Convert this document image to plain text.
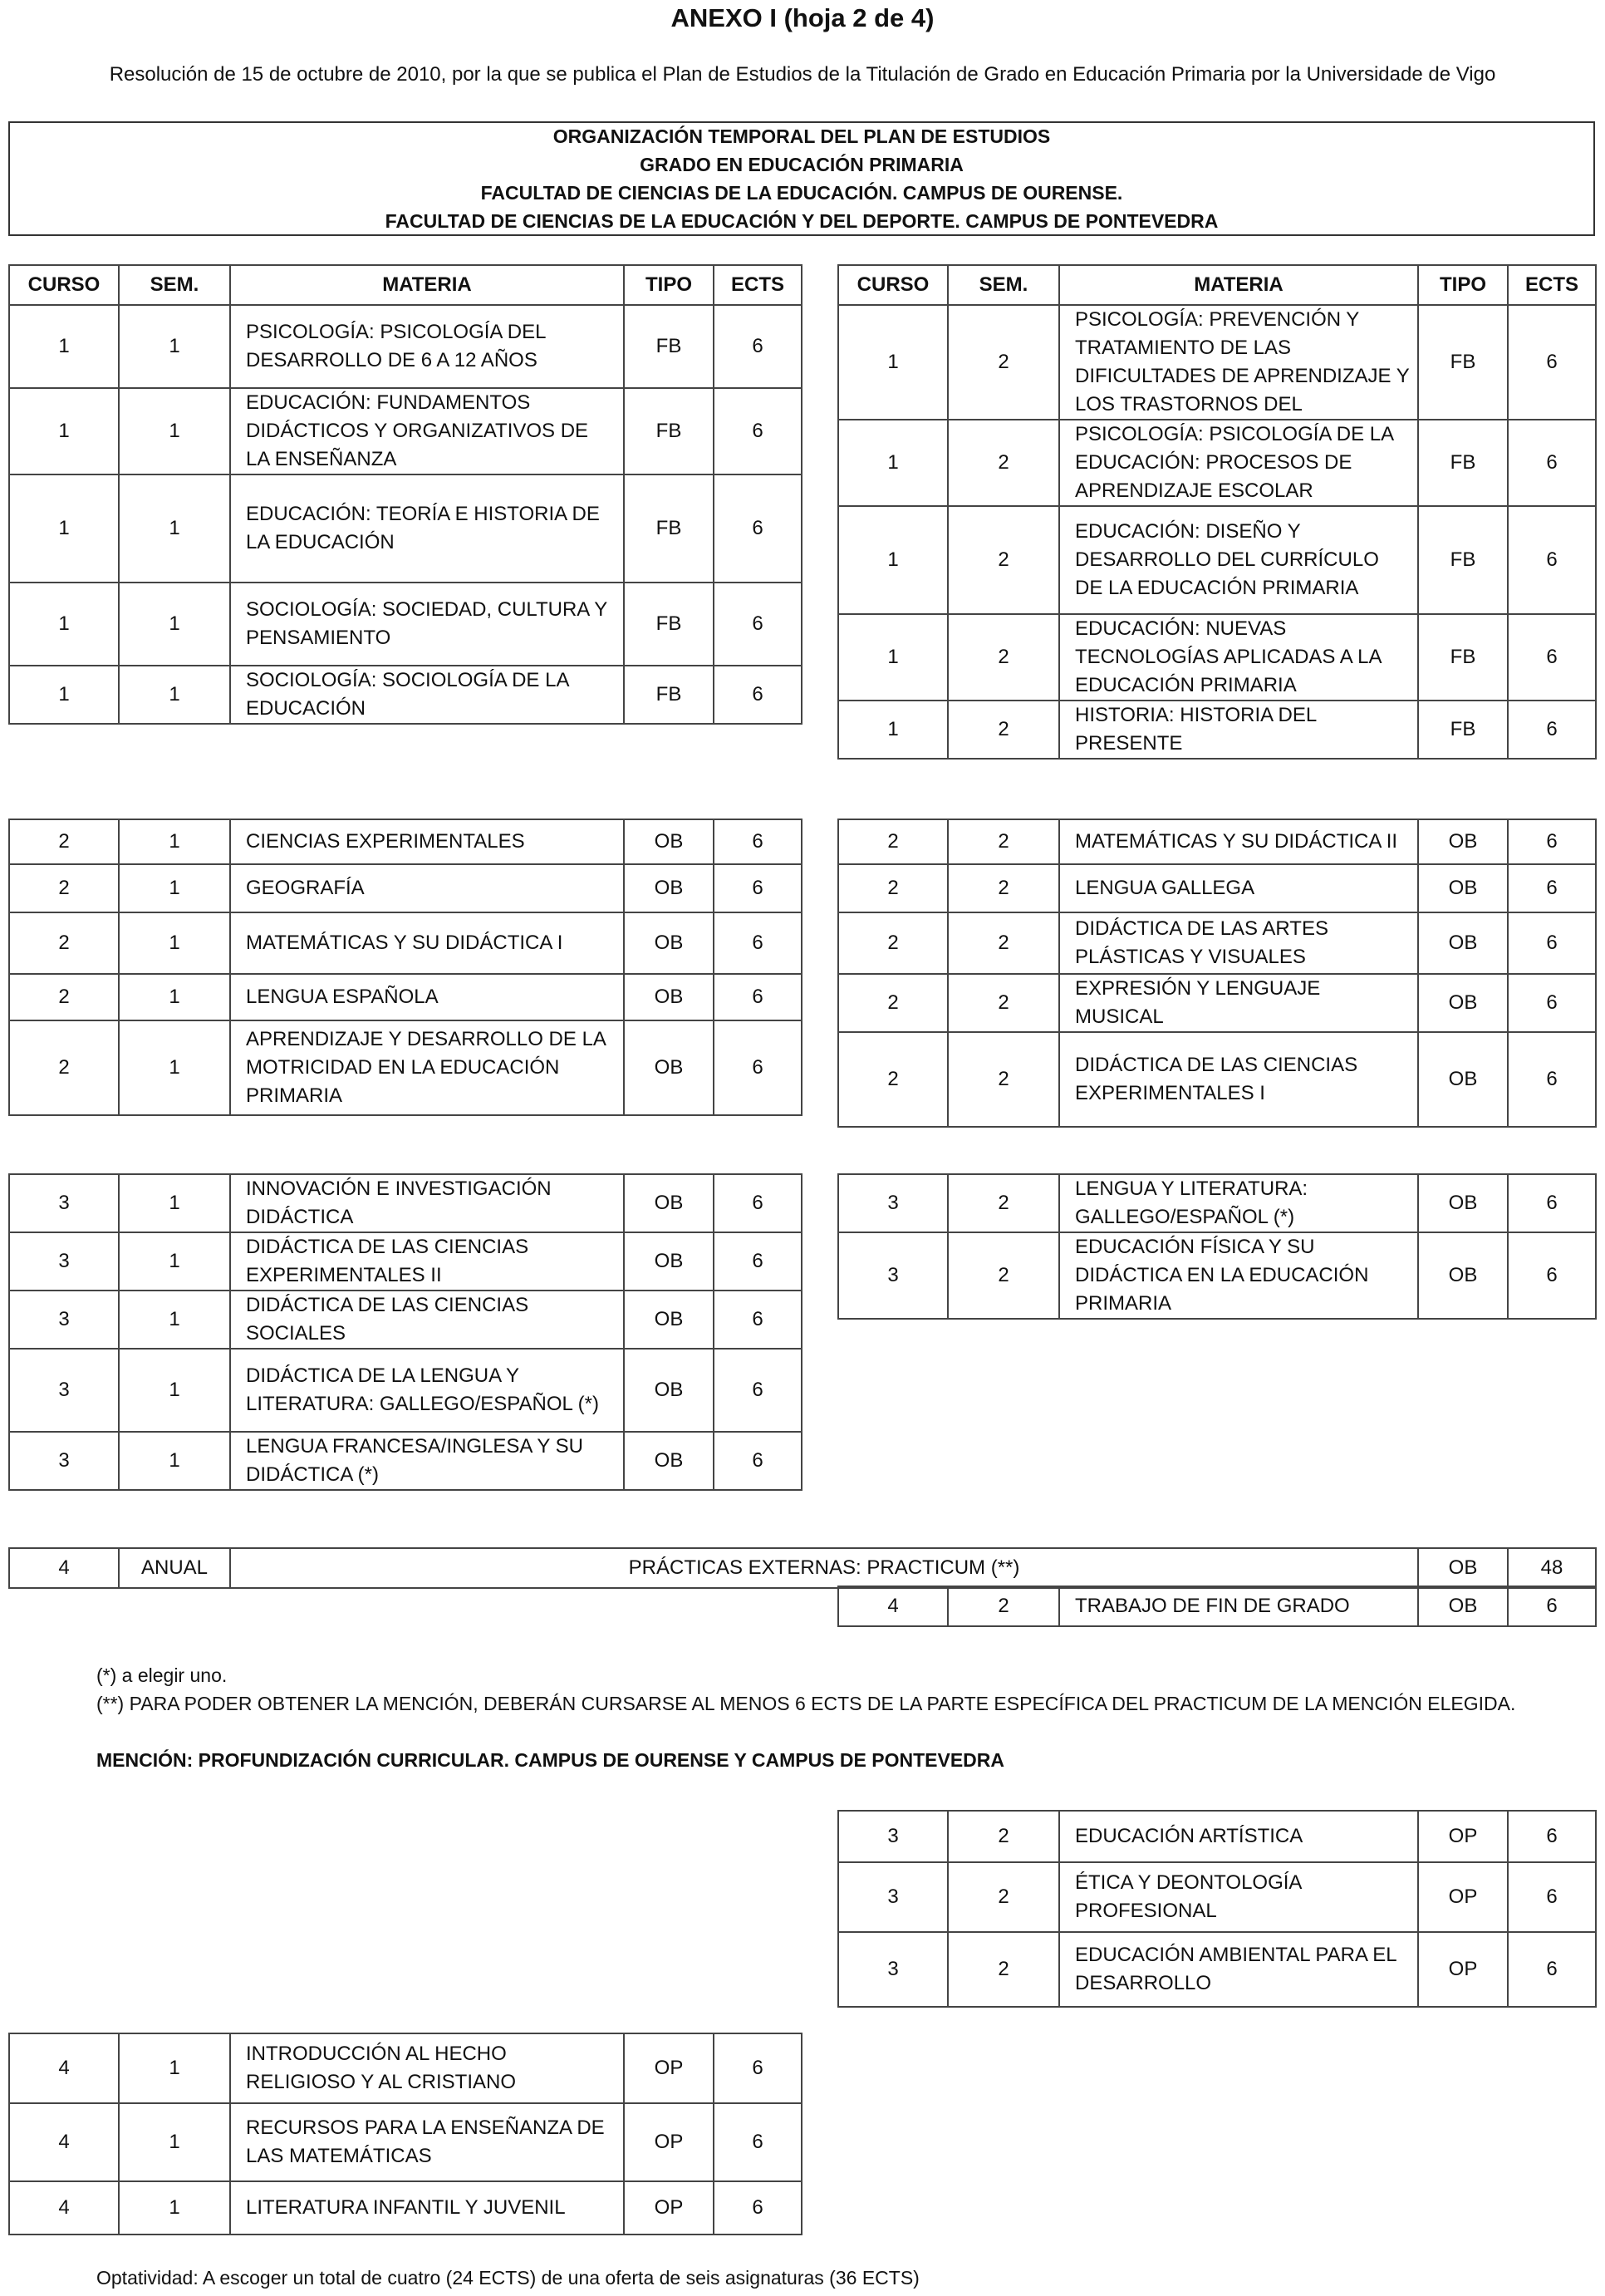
ANEXO I (hoja 2 de 4)
Resolución de 15 de octubre de 2010, por la que se publica el Plan de Estudios de la Titulación de Grado en Educación Primaria por la Universidade de Vigo
ORGANIZACIÓN TEMPORAL DEL PLAN DE ESTUDIOS
GRADO EN EDUCACIÓN PRIMARIA
FACULTAD DE CIENCIAS DE LA EDUCACIÓN. CAMPUS DE OURENSE.
FACULTAD DE CIENCIAS DE LA EDUCACIÓN Y DEL DEPORTE. CAMPUS DE PONTEVEDRA
CURSO	SEM.	MATERIA	TIPO	ECTS
1	1	PSICOLOGÍA: PSICOLOGÍA DEL DESARROLLO DE 6 A 12 AÑOS	FB	6
1	1	EDUCACIÓN: FUNDAMENTOS DIDÁCTICOS Y ORGANIZATIVOS DE LA ENSEÑANZA	FB	6
1	1	EDUCACIÓN: TEORÍA E HISTORIA DE LA EDUCACIÓN	FB	6
1	1	SOCIOLOGÍA: SOCIEDAD, CULTURA Y PENSAMIENTO	FB	6
1	1	SOCIOLOGÍA: SOCIOLOGÍA DE LA EDUCACIÓN	FB	6
CURSO	SEM.	MATERIA	TIPO	ECTS
1	2	PSICOLOGÍA: PREVENCIÓN Y TRATAMIENTO DE LAS DIFICULTADES DE APRENDIZAJE Y LOS TRASTORNOS DEL	FB	6
1	2	PSICOLOGÍA: PSICOLOGÍA DE LA EDUCACIÓN: PROCESOS DE APRENDIZAJE ESCOLAR	FB	6
1	2	EDUCACIÓN: DISEÑO Y DESARROLLO DEL CURRÍCULO DE LA EDUCACIÓN PRIMARIA	FB	6
1	2	EDUCACIÓN: NUEVAS TECNOLOGÍAS APLICADAS A LA EDUCACIÓN PRIMARIA	FB	6
1	2	HISTORIA: HISTORIA DEL PRESENTE	FB	6
2	1	CIENCIAS EXPERIMENTALES	OB	6
2	1	GEOGRAFÍA	OB	6
2	1	MATEMÁTICAS Y SU DIDÁCTICA I	OB	6
2	1	LENGUA ESPAÑOLA	OB	6
2	1	APRENDIZAJE Y DESARROLLO DE LA MOTRICIDAD EN LA EDUCACIÓN PRIMARIA	OB	6
2	2	MATEMÁTICAS Y SU DIDÁCTICA II	OB	6
2	2	LENGUA GALLEGA	OB	6
2	2	DIDÁCTICA DE LAS ARTES PLÁSTICAS Y VISUALES	OB	6
2	2	EXPRESIÓN Y LENGUAJE MUSICAL	OB	6
2	2	DIDÁCTICA DE LAS CIENCIAS EXPERIMENTALES I	OB	6
3	1	INNOVACIÓN E INVESTIGACIÓN DIDÁCTICA	OB	6
3	1	DIDÁCTICA DE LAS CIENCIAS EXPERIMENTALES II	OB	6
3	1	DIDÁCTICA DE LAS CIENCIAS SOCIALES	OB	6
3	1	DIDÁCTICA DE LA LENGUA Y LITERATURA: GALLEGO/ESPAÑOL (*)	OB	6
3	1	LENGUA FRANCESA/INGLESA Y SU DIDÁCTICA (*)	OB	6
3	2	LENGUA Y LITERATURA: GALLEGO/ESPAÑOL (*)	OB	6
3	2	EDUCACIÓN FÍSICA Y SU DIDÁCTICA EN LA EDUCACIÓN PRIMARIA	OB	6
4	ANUAL	PRÁCTICAS EXTERNAS: PRACTICUM (**)	OB	48
4	2	TRABAJO DE FIN DE GRADO	OB	6
(*) a elegir uno.
(**) PARA PODER OBTENER LA MENCIÓN, DEBERÁN CURSARSE AL MENOS 6 ECTS DE LA PARTE ESPECÍFICA DEL PRACTICUM DE LA MENCIÓN ELEGIDA.
MENCIÓN: PROFUNDIZACIÓN CURRICULAR. CAMPUS DE OURENSE Y CAMPUS DE PONTEVEDRA
3	2	EDUCACIÓN ARTÍSTICA	OP	6
3	2	ÉTICA Y DEONTOLOGÍA PROFESIONAL	OP	6
3	2	EDUCACIÓN AMBIENTAL PARA EL DESARROLLO	OP	6
4	1	INTRODUCCIÓN AL HECHO RELIGIOSO Y AL CRISTIANO	OP	6
4	1	RECURSOS PARA LA ENSEÑANZA DE LAS MATEMÁTICAS	OP	6
4	1	LITERATURA INFANTIL Y JUVENIL	OP	6
Optatividad: A escoger un total de cuatro (24 ECTS) de una oferta de seis asignaturas (36 ECTS)
